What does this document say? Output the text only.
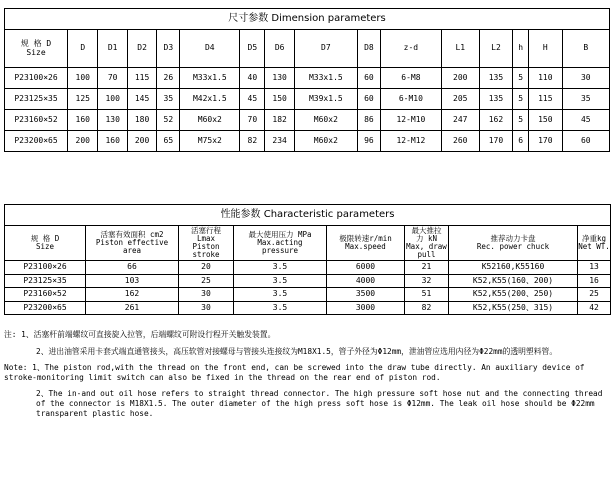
尺寸参数 Dimension parameters															

规 格 D
Size	D	D1	D2	D3	D4	D5	D6	D7	D8	z-d	L1	L2	h	H	B
P23100×26	100	70	115	26	M33x1.5	40	130	M33x1.5	60	6-M8	200	135	5	110	30
P23125×35	125	100	145	35	M42x1.5	45	150	M39x1.5	60	6-M10	205	135	5	115	35
P23160×52	160	130	180	52	M60x2	70	182	M60x2	86	12-M10	247	162	5	150	45
P23200×65	200	160	200	65	M75x2	82	234	M60x2	96	12-M12	260	170	6	170	60
性能参数 Characteristic parameters							

规 格 D
Size	活塞有效面积 cm2
Piston effective
area	活塞行程
Lmax
Piston
stroke	最大使用压力 MPa
Max.acting
pressure	极限转速r/min
Max.speed	最大推拉
力 kN
Max, draw
pull	推荐动力卡盘
Rec. power chuck	净重kg
Net WT.

P23100×26	66	20	3.5	6000	21	K52160,K55160	13
P23125×35	103	25	3.5	4000	32	K52,K55(160、200)	16
P23160×52	162	30	3.5	3500	51	K52,K55(200、250)	25
P23200×65	261	30	3.5	3000	82	K52,K55(250、315)	42

注: 1、活塞杆前端螺纹可直接旋入拉管，后端螺纹可附设行程开关触发装置。

2、进出油管采用卡套式端直通管接头，高压软管对接螺母与管接头连接纹为M18X1.5，管子外径为Φ12mm，泄油管应选用内径为Φ22mm的透明塑料管。

Note: 1、The piston rod,with the thread on the front end, can be screwed into the draw tube directly. An auxiliary device of stroke-monitoring limit switch can also be fixed in the thread on the rear end of piston rod.

2、The in-and out oil hose refers to straight thread connector. The high pressure soft hose nut and the connecting thread of the connector is M18X1.5. The outer diameter of the high press soft hose is Φ12mm. The leak oil hose should be Φ22mm transparent plastic hose.
